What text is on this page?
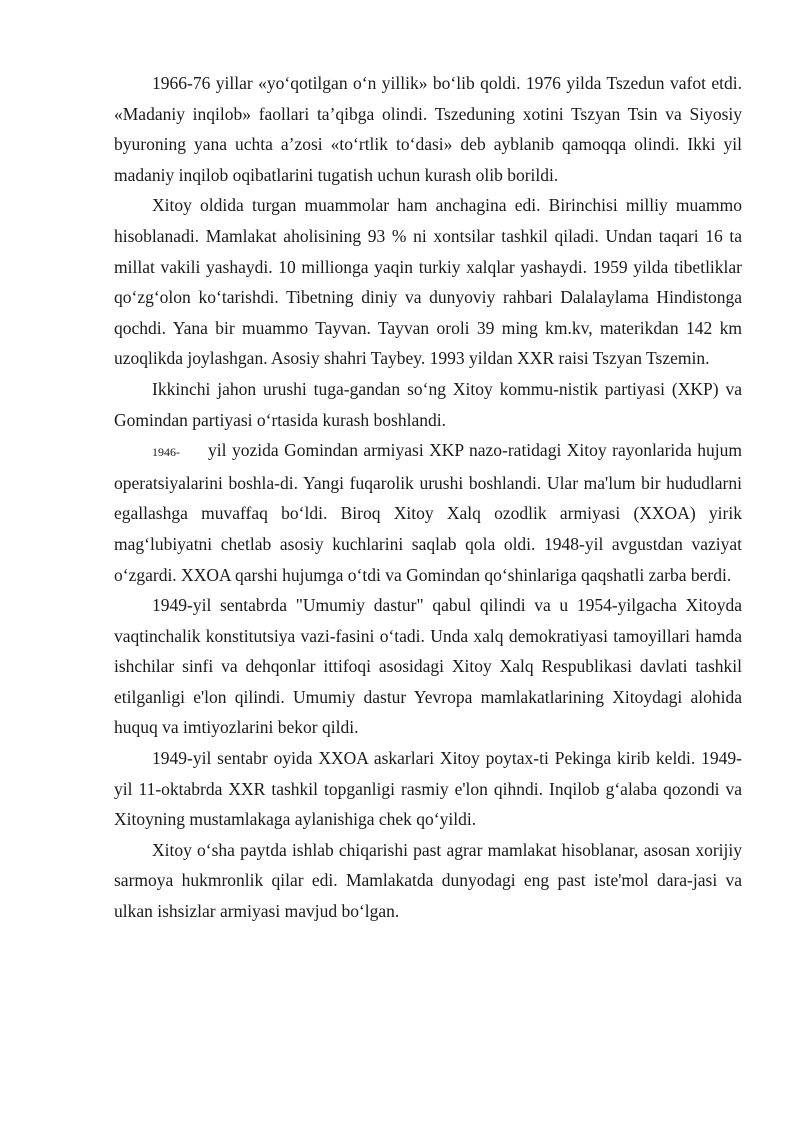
1966-76 yillar «yoʻqotilgan oʻn yillik» boʻlib qoldi. 1976 yilda Tszedun vafot etdi. «Madaniy inqilob» faollari ta’qibga olindi. Tszeduning xotini Tszyan Tsin va Siyosiy byuroning yana uchta a’zosi «toʻrtlik toʻdasi» deb ayblanib qamoqqa olindi. Ikki yil madaniy inqilob oqibatlarini tugatish uchun kurash olib borildi.

Xitoy oldida turgan muammolar ham anchagina edi. Birinchisi milliy muammo hisoblanadi. Mamlakat aholisining 93 % ni xontsilar tashkil qiladi. Undan taqari 16 ta millat vakili yashaydi. 10 millionga yaqin turkiy xalqlar yashaydi. 1959 yilda tibetliklar qoʻzgʻolon koʻtarishdi. Tibetning diniy va dunyoviy rahbari Dalalaylama Hindistonga qochdi. Yana bir muammo Tayvan. Tayvan oroli 39 ming km.kv, materikdan 142 km uzoqlikda joylashgan. Asosiy shahri Taybey. 1993 yildan XXR raisi Tszyan Tszemin.

Ikkinchi jahon urushi tuga-gandan soʻng Xitoy kommu-nistik partiyasi (XKP) va Gomindan partiyasi oʻrtasida kurash boshlandi.

1946- yil yozida Gomindan armiyasi XKP nazo-ratidagi Xitoy rayonlarida hujum operatsiyalarini boshla-di. Yangi fuqarolik urushi boshlandi. Ular ma'lum bir hududlarni egallashga muvaffaq boʻldi. Biroq Xitoy Xalq ozodlik armiyasi (XXOA) yirik magʻlubiyatni chetlab asosiy kuchlarini saqlab qola oldi. 1948-yil avgustdan vaziyat oʻzgardi. XXOA qarshi hujumga oʻtdi va Gomindan qoʻshinlariga qaqshatli zarba berdi.

1949-yil sentabrda "Umumiy dastur" qabul qilindi va u 1954-yilgacha Xitoyda vaqtinchalik konstitutsiya vazi-fasini oʻtadi. Unda xalq demokratiyasi tamoyillari hamda ishchilar sinfi va dehqonlar ittifoqi asosidagi Xitoy Xalq Respublikasi davlati tashkil etilganligi e'lon qilindi. Umumiy dastur Yevropa mamlakatlarining Xitoydagi alohida huquq va imtiyozlarini bekor qildi.

1949-yil sentabr oyida XXOA askarlari Xitoy poytax-ti Pekinga kirib keldi. 1949-yil 11-oktabrda XXR tashkil topganligi rasmiy e'lon qihndi. Inqilob gʻalaba qozondi va Xitoyning mustamlakaga aylanishiga chek qoʻyildi.

Xitoy oʻsha paytda ishlab chiqarishi past agrar mamlakat hisoblanar, asosan xorijiy sarmoya hukmronlik qilar edi. Mamlakatda dunyodagi eng past iste'mol dara-jasi va ulkan ishsizlar armiyasi mavjud boʻlgan.
